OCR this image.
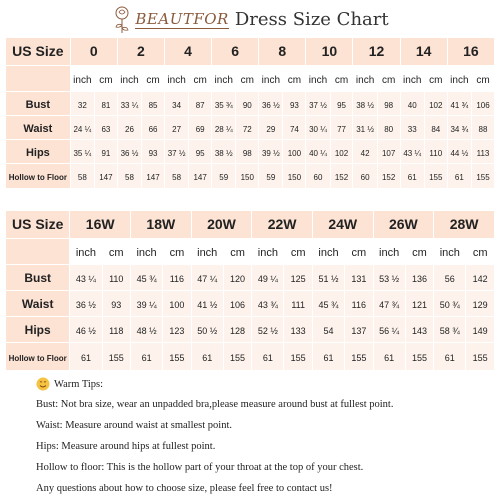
BEAUTFOR Dress Size Chart
US Size	0		2		4		6		8		10		12		14		16	
	inch	cm	inch	cm	inch	cm	inch	cm	inch	cm	inch	cm	inch	cm	inch	cm	inch	cm
Bust	32	81	33 ¼	85	34	87	35 ¾	90	36 ½	93	37 ½	95	38 ½	98	40	102	41 ¾	106
Waist	24 ¼	63	26	66	27	69	28 ¼	72	29	74	30 ¼	77	31 ½	80	33	84	34 ¾	88
Hips	35 ¼	91	36 ½	93	37 ½	95	38 ½	98	39 ½	100	40 ¼	102	42	107	43 ¼	110	44 ½	113
Hollow to Floor	58	147	58	147	58	147	59	150	59	150	60	152	60	152	61	155	61	155
US Size	16W		18W		20W		22W		24W		26W		28W	
	inch	cm	inch	cm	inch	cm	inch	cm	inch	cm	inch	cm	inch	cm
Bust	43 ¼	110	45 ¾	116	47 ¼	120	49 ¼	125	51 ½	131	53 ½	136	56	142
Waist	36 ½	93	39 ¼	100	41 ½	106	43 ¾	111	45 ¾	116	47 ¾	121	50 ¾	129
Hips	46 ½	118	48 ½	123	50 ½	128	52 ½	133	54	137	56 ¼	143	58 ¾	149
Hollow to Floor	61	155	61	155	61	155	61	155	61	155	61	155	61	155
Warm Tips:
Bust: Not bra size, wear an unpadded bra,please measure around bust at fullest point.
Waist: Measure around waist at smallest point.
Hips: Measure around hips at fullest point.
Hollow to floor: This is the hollow part of your throat at the top of your chest.
Any questions about how to choose size, please feel free to contact us!
